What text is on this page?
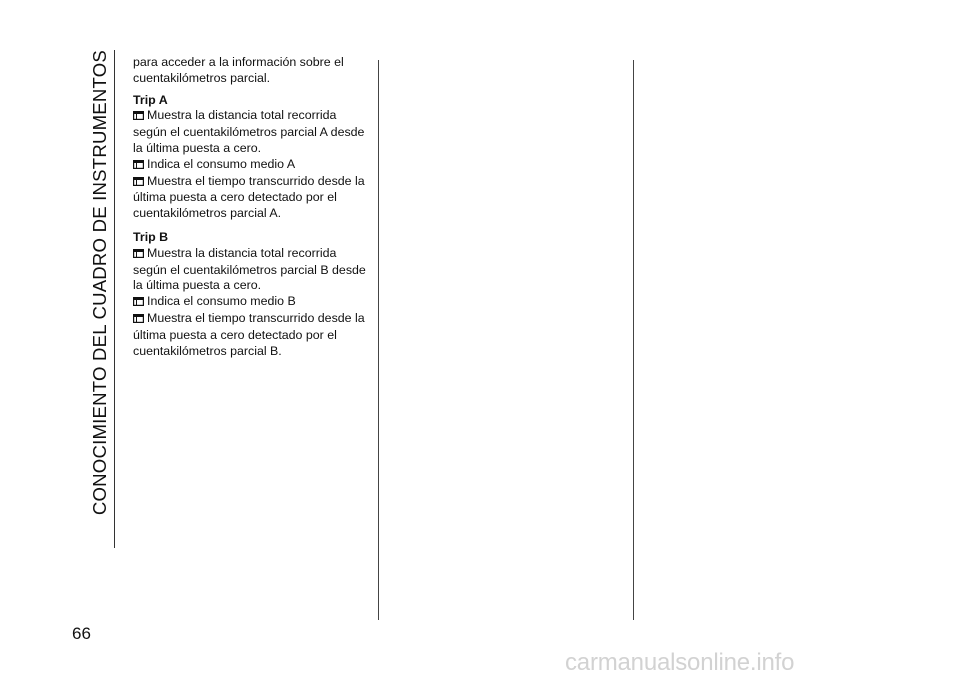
CONOCIMIENTO DEL CUADRO DE INSTRUMENTOS
66

para acceder a la información sobre el cuentakilómetros parcial.

Trip A

Muestra la distancia total recorrida según el cuentakilómetros parcial A desde la última puesta a cero.

Indica el consumo medio A

Muestra el tiempo transcurrido desde la última puesta a cero detectado por el cuentakilómetros parcial A.

Trip B

Muestra la distancia total recorrida según el cuentakilómetros parcial B desde la última puesta a cero.

Indica el consumo medio B

Muestra el tiempo transcurrido desde la última puesta a cero detectado por el cuentakilómetros parcial B.

carmanualsonline.info
